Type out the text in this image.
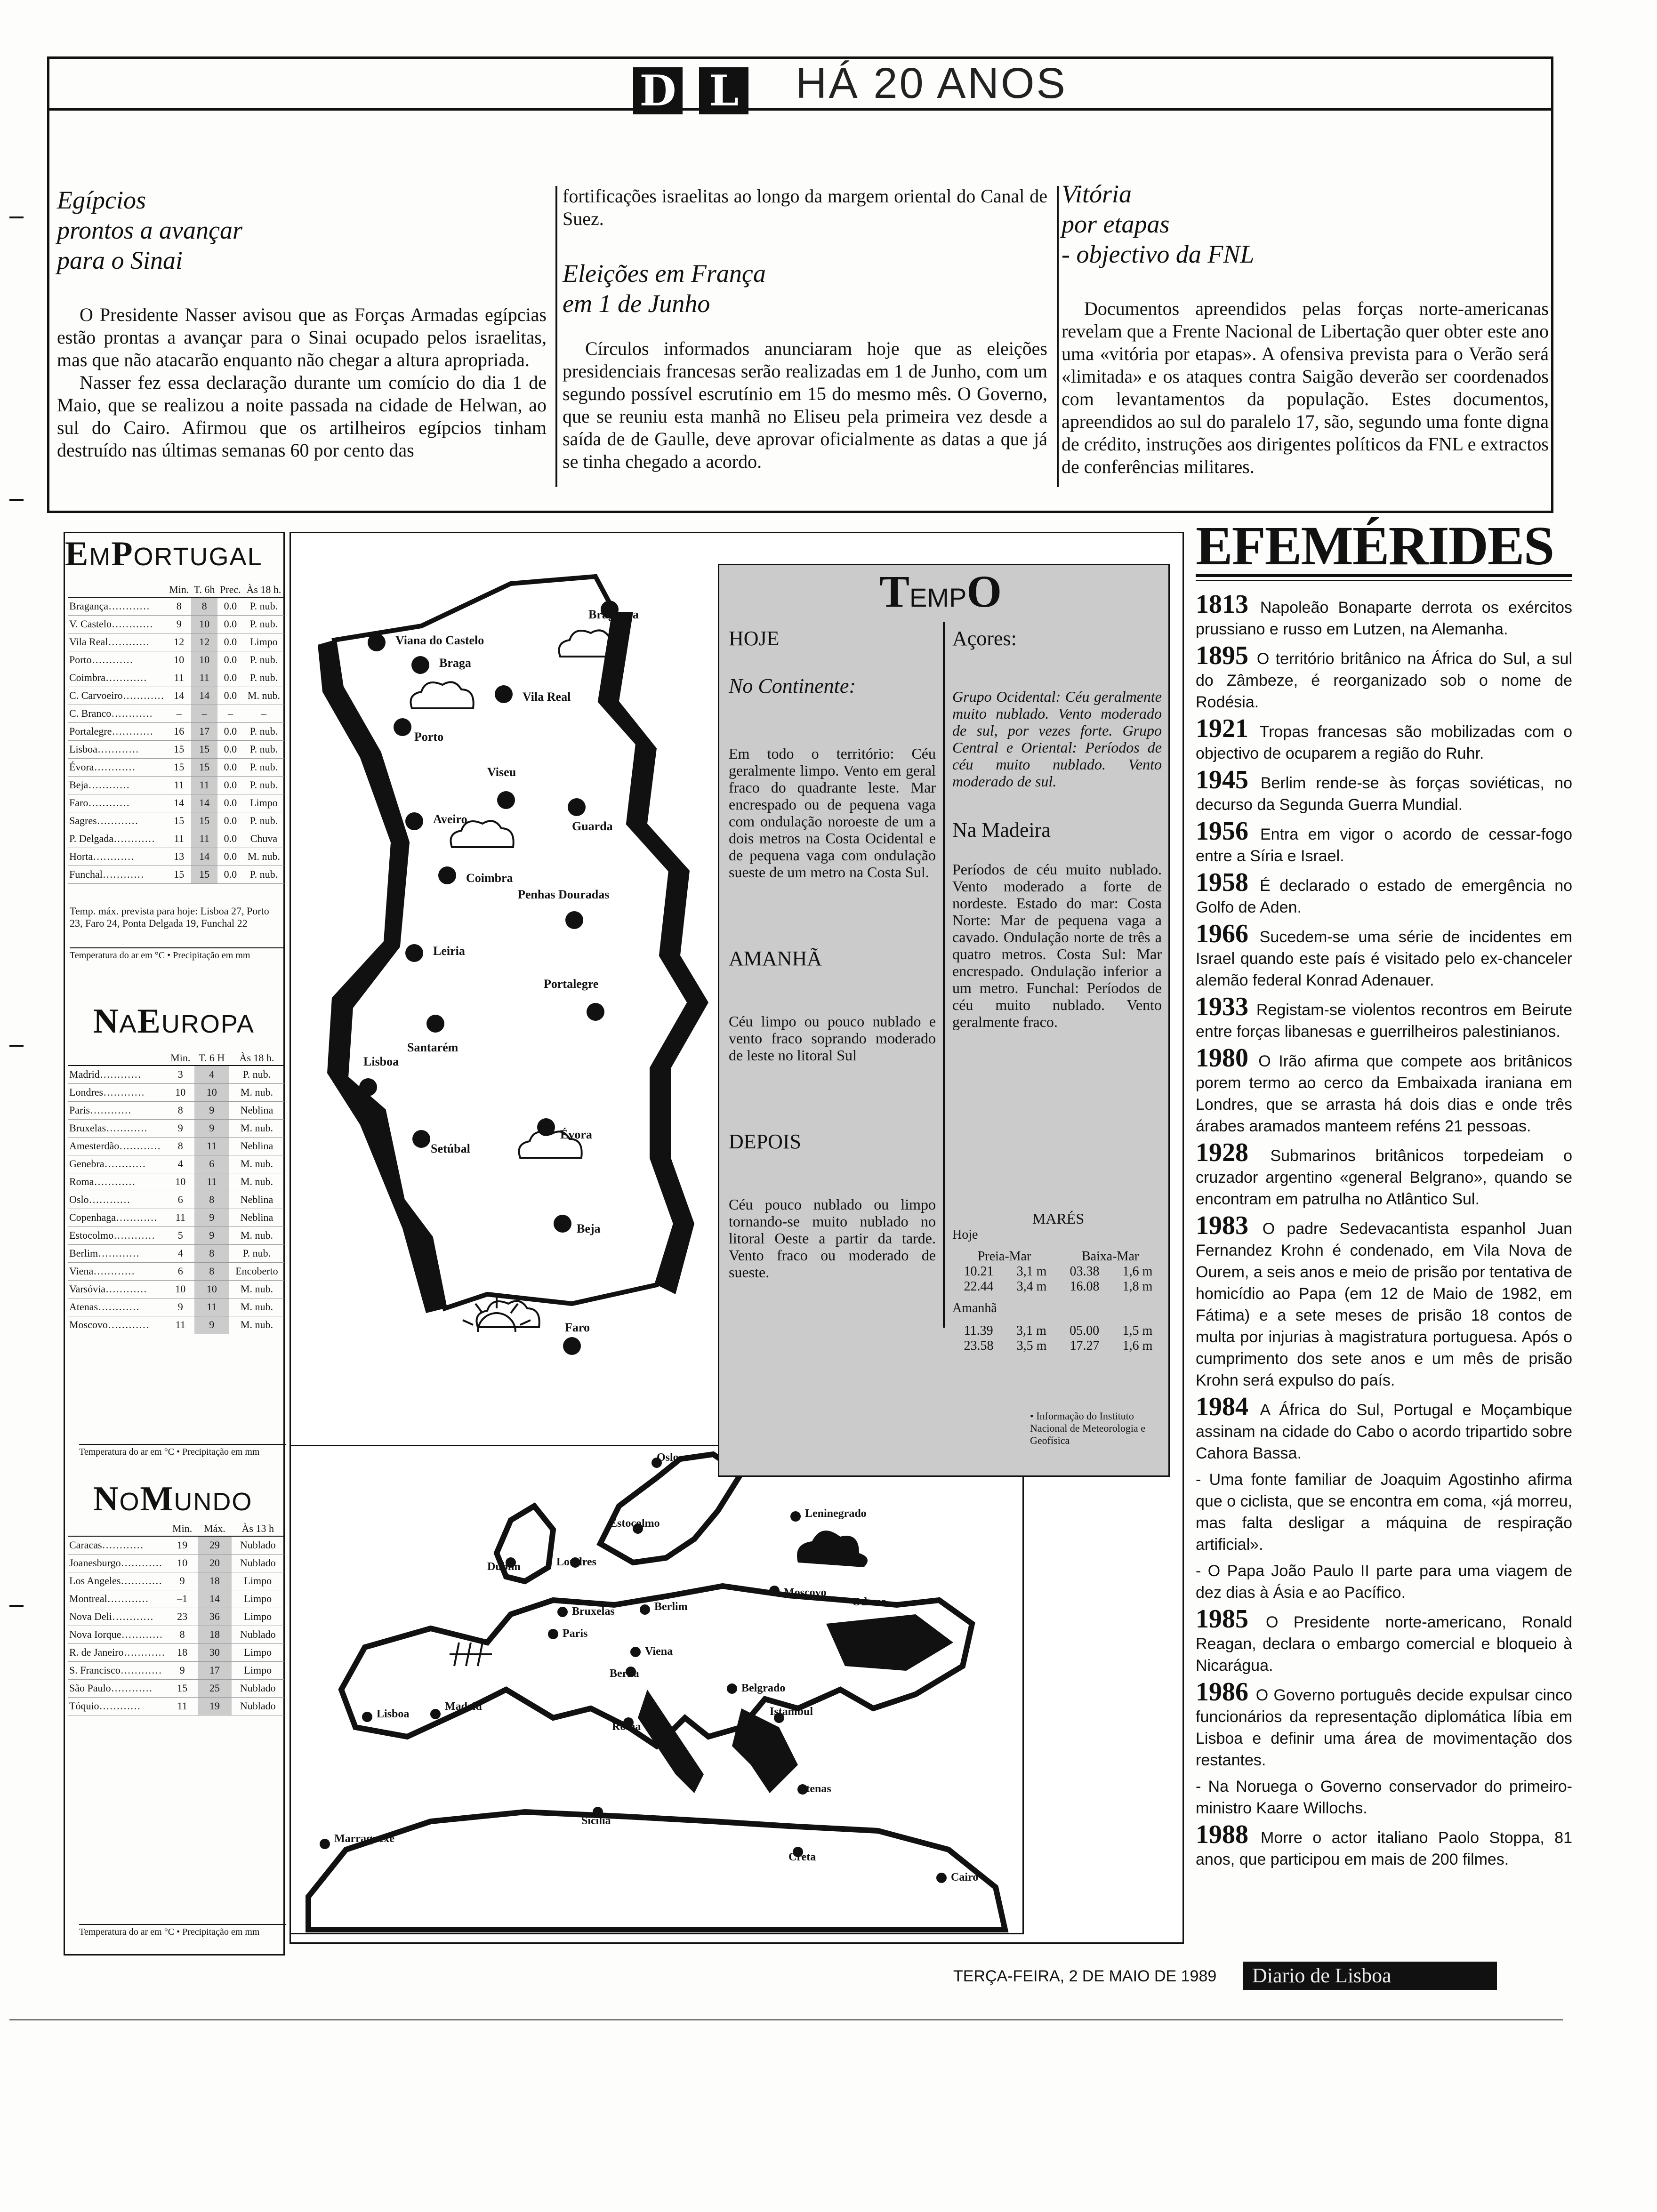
D L HÁ 20 ANOS
Egípcios
prontos a avançar
para o Sinai

O Presidente Nasser avisou que as Forças Armadas egípcias estão prontas a avançar para o Sinai ocupado pelos israelitas, mas que não atacarão enquanto não chegar a altura apropriada.

Nasser fez essa declaração durante um comício do dia 1 de Maio, que se realizou a noite passada na cidade de Helwan, ao sul do Cairo. Afirmou que os artilheiros egípcios tinham destruído nas últimas semanas 60 por cento das

fortificações israelitas ao longo da margem oriental do Canal de Suez.
Eleições em França
em 1 de Junho

Círculos informados anunciaram hoje que as eleições presidenciais francesas serão realizadas em 1 de Junho, com um segundo possível escrutínio em 15 do mesmo mês. O Governo, que se reuniu esta manhã no Eliseu pela primeira vez desde a saída de de Gaulle, deve aprovar oficialmente as datas a que já se tinha chegado a acordo.

Vitória
por etapas
- objectivo da FNL

Documentos apreendidos pelas forças norte-americanas revelam que a Frente Nacional de Libertação quer obter este ano uma «vitória por etapas». A ofensiva prevista para o Verão será «limitada» e os ataques contra Saigão deverão ser coordenados com levantamentos da população. Estes documentos, apreendidos ao sul do paralelo 17, são, segundo uma fonte digna de crédito, instruções aos dirigentes políticos da FNL e extractos de conferências militares.

EMPORTUGAL
	Min.	T. 6h	Prec.	Às 18 h.
Bragança…………	8	8	0.0	P. nub.
V. Castelo…………	9	10	0.0	P. nub.
Vila Real…………	12	12	0.0	Limpo
Porto…………	10	10	0.0	P. nub.
Coimbra…………	11	11	0.0	P. nub.
C. Carvoeiro…………	14	14	0.0	M. nub.
C. Branco…………	–	–	–	–
Portalegre…………	16	17	0.0	P. nub.
Lisboa…………	15	15	0.0	P. nub.
Évora…………	15	15	0.0	P. nub.
Beja…………	11	11	0.0	P. nub.
Faro…………	14	14	0.0	Limpo
Sagres…………	15	15	0.0	P. nub.
P. Delgada…………	11	11	0.0	Chuva
Horta…………	13	14	0.0	M. nub.
Funchal…………	15	15	0.0	P. nub.
Temp. máx. prevista para hoje: Lisboa 27, Porto 23, Faro 24, Ponta Delgada 19, Funchal 22
Temperatura do ar em °C • Precipitação em mm
NAEUROPA
	Min.	T. 6 H	Às 18 h.
Madrid…………	3	4	P. nub.
Londres…………	10	10	M. nub.
Paris…………	8	9	Neblina
Bruxelas…………	9	9	M. nub.
Amesterdão…………	8	11	Neblina
Genebra…………	4	6	M. nub.
Roma…………	10	11	M. nub.
Oslo…………	6	8	Neblina
Copenhaga…………	11	9	Neblina
Estocolmo…………	5	9	M. nub.
Berlim…………	4	8	P. nub.
Viena…………	6	8	Encoberto
Varsóvia…………	10	10	M. nub.
Atenas…………	9	11	M. nub.
Moscovo…………	11	9	M. nub.
Temperatura do ar em °C • Precipitação em mm
NOMUNDO
	Min.	Máx.	Às 13 h
Caracas…………	19	29	Nublado
Joanesburgo…………	10	20	Nublado
Los Angeles…………	9	18	Limpo
Montreal…………	–1	14	Limpo
Nova Deli…………	23	36	Limpo
Nova Iorque…………	8	18	Nublado
R. de Janeiro…………	18	30	Limpo
S. Francisco…………	9	17	Limpo
São Paulo…………	15	25	Nublado
Tóquio…………	11	19	Nublado
Temperatura do ar em °C • Precipitação em mm
Bragança
Viana do Castelo
Braga
Vila Real
Porto
Viseu
Aveiro
Guarda
Coimbra
Penhas Douradas
Leiria
Portalegre
Santarém
Lisboa
Setúbal
Évora
Beja
Faro
Oslo
Estocolmo
Leninegrado
Dublin	Londres
Moscovo
Bruxelas	Berlim
Paris
Viena
Odessa
Berna
Belgrado
Lisboa
Madrid
Roma
Istambul
Atenas
Sicília
Creta
Marraquexe
Cairo
TEMPO
HOJE
No Continente:
Em todo o território: Céu geralmente limpo. Vento em geral fraco do quadrante leste. Mar encrespado ou de pequena vaga com ondulação noroeste de um a dois metros na Costa Ocidental e de pequena vaga com ondulação sueste de um metro na Costa Sul.
AMANHÃ
Céu limpo ou pouco nublado e vento fraco soprando moderado de leste no litoral Sul
DEPOIS
Céu pouco nublado ou limpo tornando-se muito nublado no litoral Oeste a partir da tarde. Vento fraco ou moderado de sueste.
Açores:
Grupo Ocidental: Céu geralmente muito nublado. Vento moderado de sul, por vezes forte. Grupo Central e Oriental: Períodos de céu muito nublado. Vento moderado de sul.
Na Madeira
Períodos de céu muito nublado. Vento moderado a forte de nordeste. Estado do mar: Costa Norte: Mar de pequena vaga a cavado. Ondulação norte de três a quatro metros. Costa Sul: Mar encrespado. Ondulação inferior a um metro. Funchal: Períodos de céu muito nublado. Vento geralmente fraco.
MARÉS
Hoje
Preia-Mar	Baixa-Mar
10.21 3,1 m 03.38 1,6 m
22.44 3,4 m 16.08 1,8 m
Amanhã
11.39 3,1 m 05.00 1,5 m
23.58 3,5 m 17.27 1,6 m
• Informação do Instituto Nacional de Meteorologia e Geofísica
EFEMÉRIDES
1813 Napoleão Bonaparte derrota os exércitos prussiano e russo em Lutzen, na Alemanha.
1895 O território britânico na África do Sul, a sul do Zâmbeze, é reorganizado sob o nome de Rodésia.
1921 Tropas francesas são mobilizadas com o objectivo de ocuparem a região do Ruhr.
1945 Berlim rende-se às forças soviéticas, no decurso da Segunda Guerra Mundial.
1956 Entra em vigor o acordo de cessar-fogo entre a Síria e Israel.
1958 É declarado o estado de emergência no Golfo de Aden.
1966 Sucedem-se uma série de incidentes em Israel quando este país é visitado pelo ex-chanceler alemão federal Konrad Adenauer.
1933 Registam-se violentos recontros em Beirute entre forças libanesas e guerrilheiros palestinianos.
1980 O Irão afirma que compete aos britânicos porem termo ao cerco da Embaixada iraniana em Londres, que se arrasta há dois dias e onde três árabes aramados manteem reféns 21 pessoas.
1928 Submarinos britânicos torpedeiam o cruzador argentino «general Belgrano», quando se encontram em patrulha no Atlântico Sul.
1983 O padre Sedevacantista espanhol Juan Fernandez Krohn é condenado, em Vila Nova de Ourem, a seis anos e meio de prisão por tentativa de homicídio ao Papa (em 12 de Maio de 1982, em Fátima) e a sete meses de prisão 18 contos de multa por injurias à magistratura portuguesa. Após o cumprimento dos sete anos e um mês de prisão Krohn será expulso do país.
1984 A África do Sul, Portugal e Moçambique assinam na cidade do Cabo o acordo tripartido sobre Cahora Bassa.
- Uma fonte familiar de Joaquim Agostinho afirma que o ciclista, que se encontra em coma, «já morreu, mas falta desligar a máquina de respiração artificial».
- O Papa João Paulo II parte para uma viagem de dez dias à Ásia e ao Pacífico.
1985 O Presidente norte-americano, Ronald Reagan, declara o embargo comercial e bloqueio à Nicarágua.
1986 O Governo português decide expulsar cinco funcionários da representação diplomática líbia em Lisboa e definir uma área de movimentação dos restantes.
- Na Noruega o Governo conservador do primeiro-ministro Kaare Willochs.
1988 Morre o actor italiano Paolo Stoppa, 81 anos, que participou em mais de 200 filmes.
TERÇA-FEIRA, 2 DE MAIO DE 1989	Diario de Lisboa
